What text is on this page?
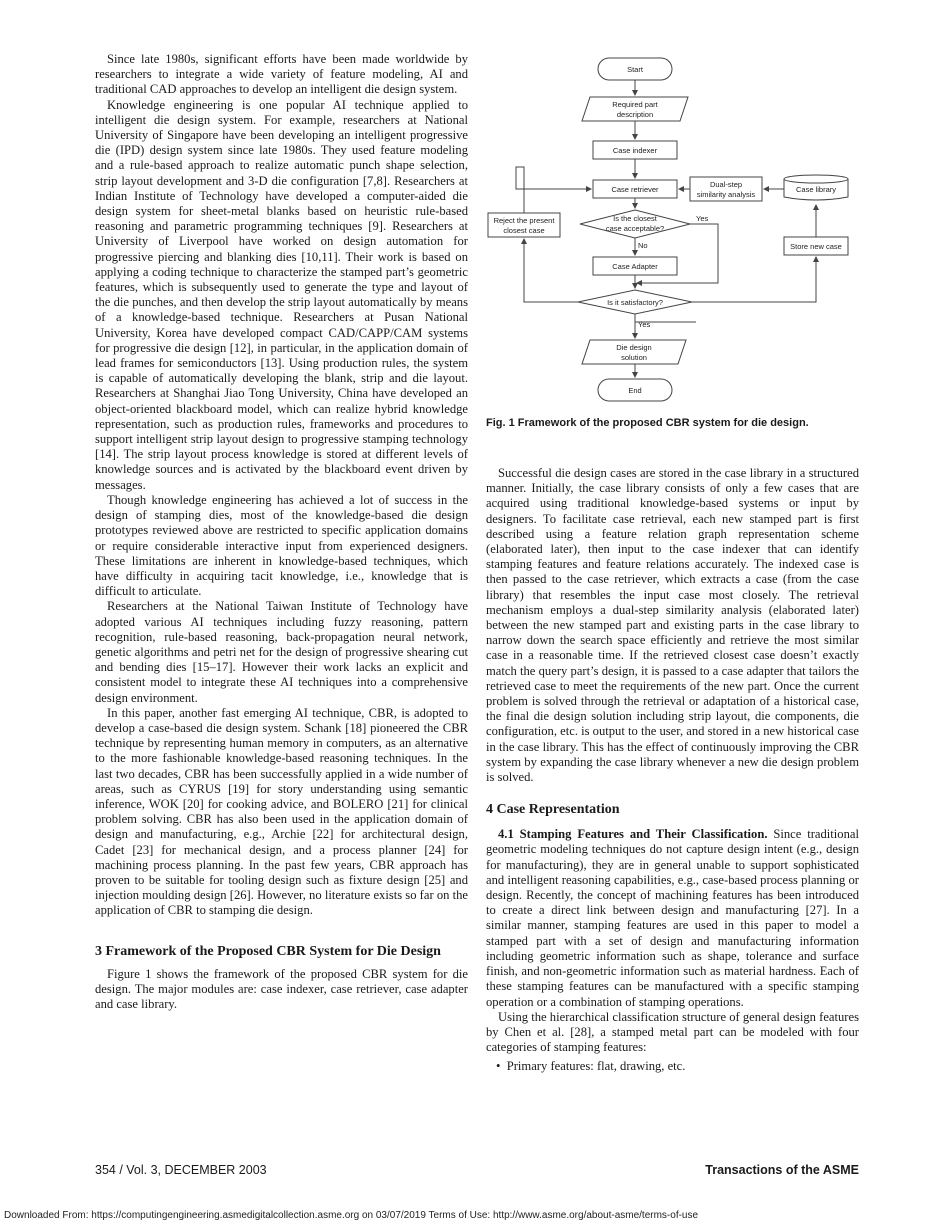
Since late 1980s, significant efforts have been made worldwide by researchers to integrate a wide variety of feature modeling, AI and traditional CAD approaches to develop an intelligent die design system.

Knowledge engineering is one popular AI technique applied to intelligent die design system. For example, researchers at National University of Singapore have been developing an intelligent progressive die (IPD) design system since late 1980s. They used feature modeling and a rule-based approach to realize automatic punch shape selection, strip layout development and 3-D die configuration [7,8]. Researchers at Indian Institute of Technology have developed a computer-aided die design system for sheet-metal blanks based on heuristic rule-based reasoning and parametric programming techniques [9]. Researchers at University of Liverpool have worked on design automation for progressive piercing and blanking dies [10,11]. Their work is based on applying a coding technique to characterize the stamped part’s geometric features, which is subsequently used to generate the type and layout of the die punches, and then develop the strip layout automatically by means of a knowledge-based technique. Researchers at Pusan National University, Korea have developed compact CAD/CAPP/CAM systems for progressive die design [12], in particular, in the application domain of lead frames for semiconductors [13]. Using production rules, the system is capable of automatically developing the blank, strip and die layout. Researchers at Shanghai Jiao Tong University, China have developed an object-oriented blackboard model, which can realize hybrid knowledge representation, such as production rules, frameworks and procedures to support intelligent strip layout design to progressive stamping technology [14]. The strip layout process knowledge is stored at different levels of knowledge sources and is activated by the blackboard event driven by messages.

Though knowledge engineering has achieved a lot of success in the design of stamping dies, most of the knowledge-based die design prototypes reviewed above are restricted to specific application domains or require considerable interactive input from experienced designers. These limitations are inherent in knowledge-based techniques, which have difficulty in acquiring tacit knowledge, i.e., knowledge that is difficult to articulate.

Researchers at the National Taiwan Institute of Technology have adopted various AI techniques including fuzzy reasoning, pattern recognition, rule-based reasoning, back-propagation neural network, genetic algorithms and petri net for the design of progressive shearing cut and bending dies [15–17]. However their work lacks an explicit and consistent model to integrate these AI techniques into a comprehensive design environment.

In this paper, another fast emerging AI technique, CBR, is adopted to develop a case-based die design system. Schank [18] pioneered the CBR technique by representing human memory in computers, as an alternative to the more fashionable knowledge-based reasoning techniques. In the last two decades, CBR has been successfully applied in a wide number of areas, such as CYRUS [19] for story understanding using semantic inference, WOK [20] for cooking advice, and BOLERO [21] for clinical problem solving. CBR has also been used in the application domain of design and manufacturing, e.g., Archie [22] for architectural design, Cadet [23] for mechanical design, and a process planner [24] for machining process planning. In the past few years, CBR approach has proven to be suitable for tooling design such as fixture design [25] and injection moulding design [26]. However, no literature exists so far on the application of CBR to stamping die design.

3 Framework of the Proposed CBR System for Die Design

Figure 1 shows the framework of the proposed CBR system for die design. The major modules are: case indexer, case retriever, case adapter and case library.

Start
Required part
description
Case indexer
Case retriever
Dual-step
similarity analysis
Case library
Reject the present
closest case
Is the closest
case acceptable?
Yes
No	Store new case
Case Adapter
Is it satisfactory?
Yes
Die design
solution
End
Fig. 1 Framework of the proposed CBR system for die design.

Successful die design cases are stored in the case library in a structured manner. Initially, the case library consists of only a few cases that are acquired using traditional knowledge-based systems or input by designers. To facilitate case retrieval, each new stamped part is first described using a feature relation graph representation scheme (elaborated later), then input to the case indexer that can identify stamping features and feature relations accurately. The indexed case is then passed to the case retriever, which extracts a case (from the case library) that resembles the input case most closely. The retrieval mechanism employs a dual-step similarity analysis (elaborated later) between the new stamped part and existing parts in the case library to narrow down the search space efficiently and retrieve the most similar case in a reasonable time. If the retrieved closest case doesn’t exactly match the query part’s design, it is passed to a case adapter that tailors the retrieved case to meet the requirements of the new part. Once the current problem is solved through the retrieval or adaptation of a historical case, the final die design solution including strip layout, die components, die configuration, etc. is output to the user, and stored in a new historical case in the case library. This has the effect of continuously improving the CBR system by expanding the case library whenever a new die design problem is solved.

4 Case Representation

4.1 Stamping Features and Their Classification. Since traditional geometric modeling techniques do not capture design intent (e.g., design for manufacturing), they are in general unable to support sophisticated and intelligent reasoning capabilities, e.g., case-based process planning or design. Recently, the concept of machining features has been introduced to create a direct link between design and manufacturing [27]. In a similar manner, stamping features are used in this paper to model a stamped part with a set of design and manufacturing information including geometric information such as shape, tolerance and surface finish, and non-geometric information such as material hardness. Each of these stamping features can be manufactured with a specific stamping operation or a combination of stamping operations.

Using the hierarchical classification structure of general design features by Chen et al. [28], a stamped metal part can be modeled with four categories of stamping features:

•  Primary features: flat, drawing, etc.
354 / Vol. 3, DECEMBER 2003	Transactions of the ASME
Downloaded From: https://computingengineering.asmedigitalcollection.asme.org on 03/07/2019 Terms of Use: http://www.asme.org/about-asme/terms-of-use
